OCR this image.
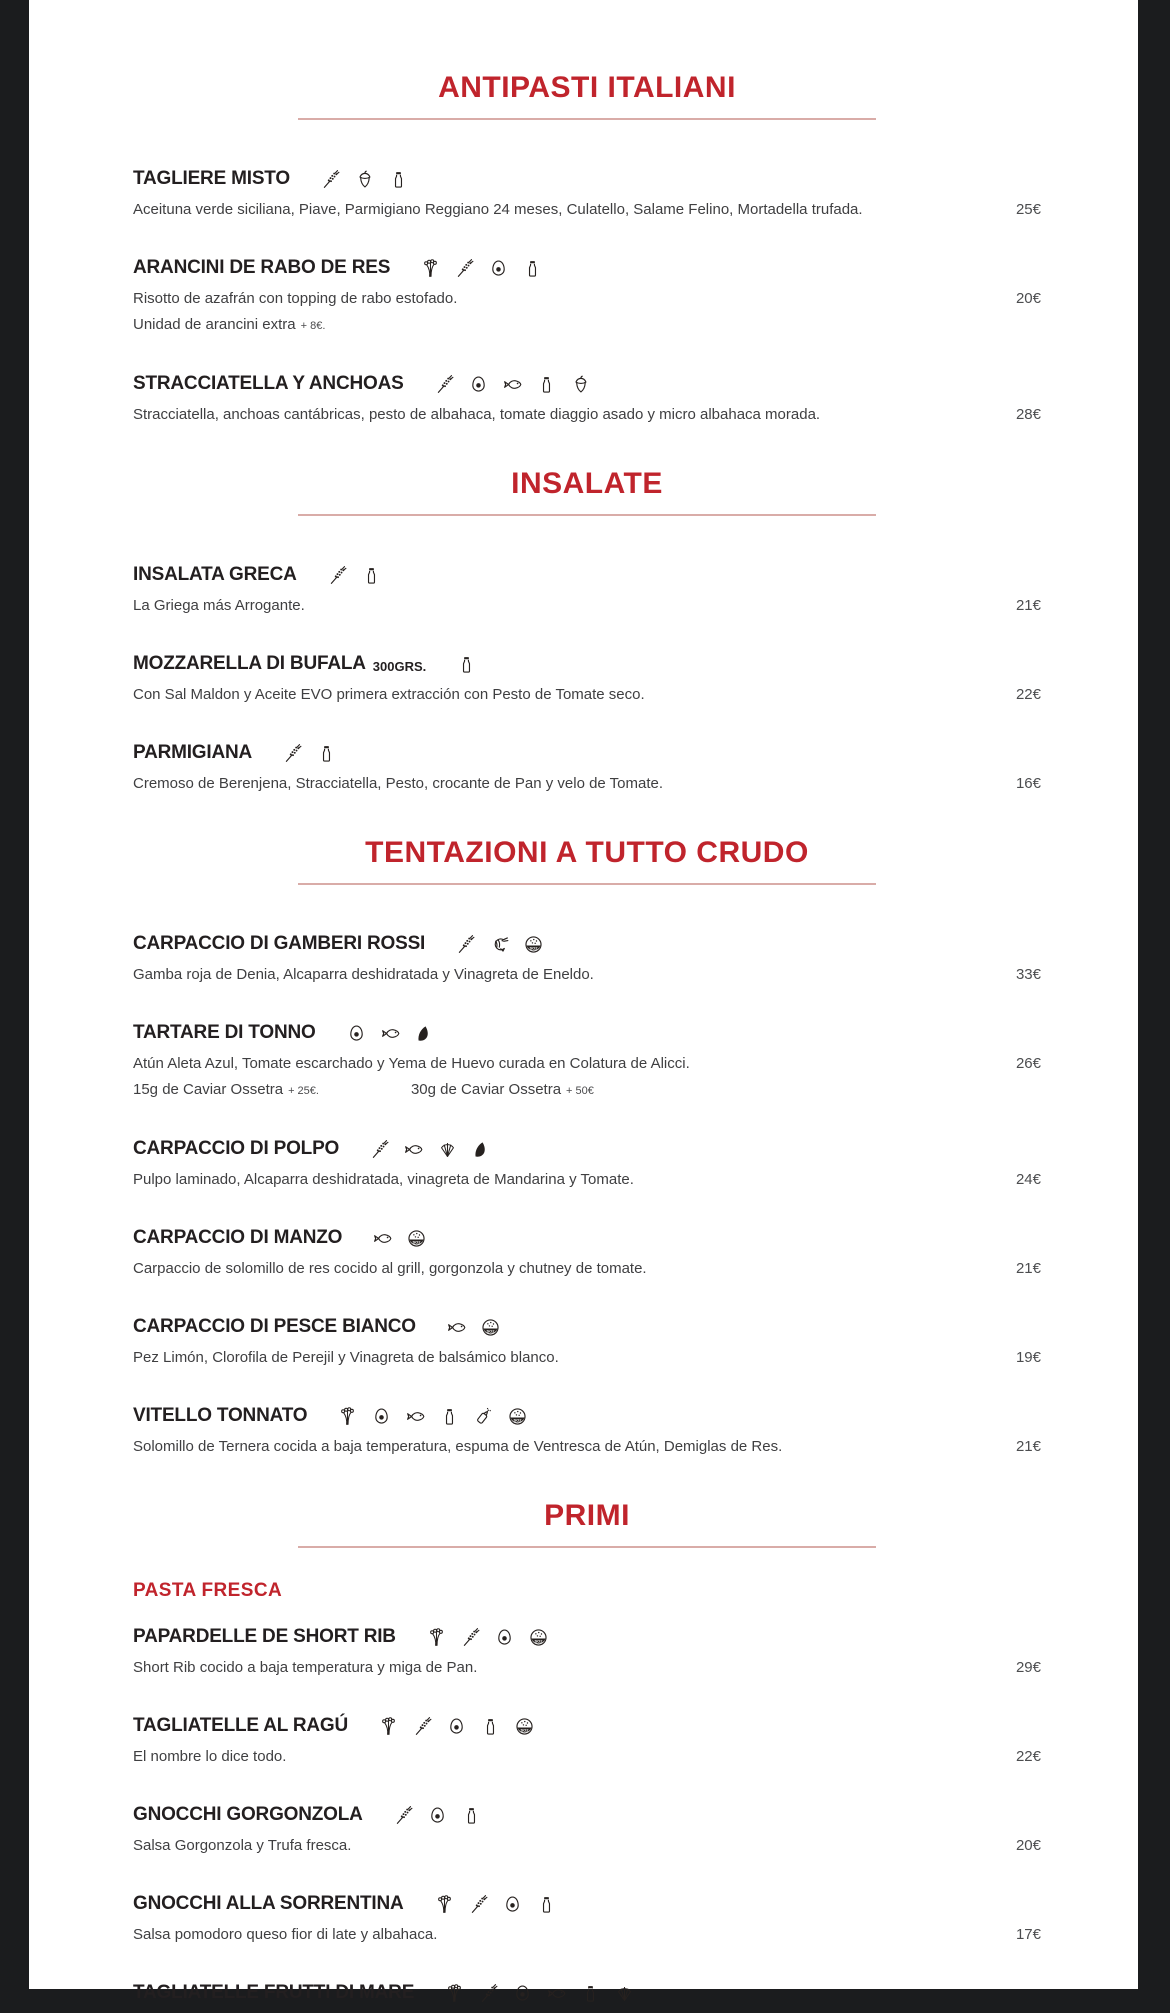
ANTIPASTI ITALIANI
TAGLIERE MISTO
Aceituna verde siciliana, Piave, Parmigiano Reggiano 24 meses, Culatello, Salame Felino, Mortadella trufada.	25€
ARANCINI DE RABO DE RES
Risotto de azafrán con topping de rabo estofado.
Unidad de arancini extra + 8€.
20€
STRACCIATELLA Y ANCHOAS
Stracciatella, anchoas cantábricas, pesto de albahaca, tomate diaggio asado y micro albahaca morada.	28€
INSALATE
INSALATA GRECA
La Griega más Arrogante.	21€
MOZZARELLA DI BUFALA 300GRS.
Con Sal Maldon y Aceite EVO primera extracción con Pesto de Tomate seco.	22€
PARMIGIANA
Cremoso de Berenjena, Stracciatella, Pesto, crocante de Pan y velo de Tomate.	16€
TENTAZIONI A TUTTO CRUDO
CARPACCIO DI GAMBERI ROSSI	SO2
Gamba roja de Denia, Alcaparra deshidratada y Vinagreta de Eneldo.	33€
TARTARE DI TONNO
Atún Aleta Azul, Tomate escarchado y Yema de Huevo curada en Colatura de Alicci.
15g de Caviar Ossetra + 25€.	30g de Caviar Ossetra + 50€
26€
CARPACCIO DI POLPO
Pulpo laminado, Alcaparra deshidratada, vinagreta de Mandarina y Tomate.	24€
CARPACCIO DI MANZO	SO2
Carpaccio de solomillo de res cocido al grill, gorgonzola y chutney de tomate.	21€
CARPACCIO DI PESCE BIANCO	SO2
Pez Limón, Clorofila de Perejil y Vinagreta de balsámico blanco.	19€
VITELLO TONNATO	SO2
Solomillo de Ternera cocida a baja temperatura, espuma de Ventresca de Atún, Demiglas de Res.	21€
PRIMI
PASTA FRESCA
PAPARDELLE DE SHORT RIB	SO2
Short Rib cocido a baja temperatura y miga de Pan.	29€
TAGLIATELLE AL RAGÚ	SO2
El nombre lo dice todo.	22€
GNOCCHI GORGONZOLA
Salsa Gorgonzola y Trufa fresca.	20€
GNOCCHI ALLA SORRENTINA
Salsa pomodoro queso fior di late y albahaca.	17€
TAGLIATELLE FRUTTI DI MARE
